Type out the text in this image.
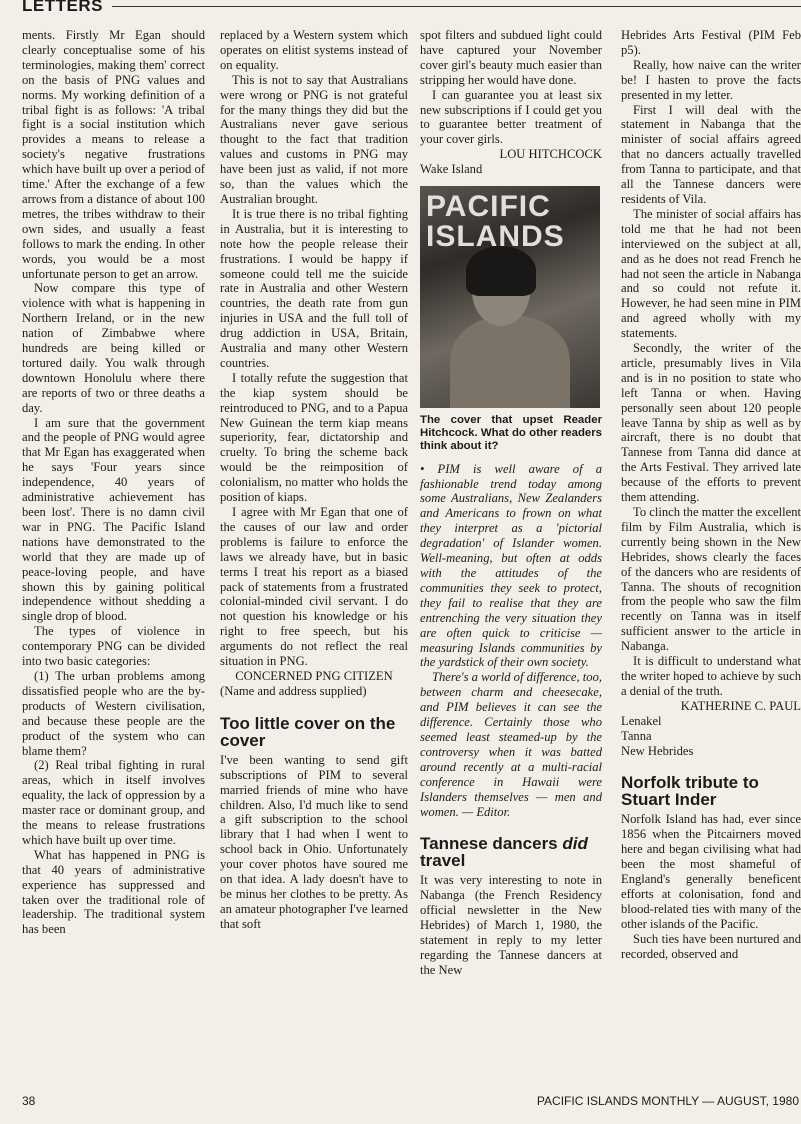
LETTERS

ments. Firstly Mr Egan should clearly conceptualise some of his terminologies, making them' correct on the basis of PNG values and norms. My working definition of a tribal fight is as follows: 'A tribal fight is a social institution which provides a means to release a society's negative frustrations which have built up over a period of time.' After the exchange of a few arrows from a distance of about 100 metres, the tribes withdraw to their own sides, and usually a feast follows to mark the ending. In other words, you would be a most unfortunate person to get an arrow.

Now compare this type of violence with what is happening in Northern Ireland, or in the new nation of Zimbabwe where hundreds are being killed or tortured daily. You walk through downtown Honolulu where there are reports of two or three deaths a day.

I am sure that the government and the people of PNG would agree that Mr Egan has exaggerated when he says 'Four years since independence, 40 years of administrative achievement has been lost'. There is no damn civil war in PNG. The Pacific Island nations have demonstrated to the world that they are made up of peace-loving people, and have shown this by gaining political independence without shedding a single drop of blood.

The types of violence in contemporary PNG can be divided into two basic categories:

(1) The urban problems among dissatisfied people who are the by-products of Western civilisation, and because these people are the product of the system who can blame them?

(2) Real tribal fighting in rural areas, which in itself involves equality, the lack of oppression by a master race or dominant group, and the means to release frustrations which have built up over time.

What has happened in PNG is that 40 years of administrative experience has suppressed and taken over the traditional role of leadership. The traditional system has been

replaced by a Western system which operates on elitist systems instead of on equality.

This is not to say that Australians were wrong or PNG is not grateful for the many things they did but the Australians never gave serious thought to the fact that tradition values and customs in PNG may have been just as valid, if not more so, than the values which the Australian brought.

It is true there is no tribal fighting in Australia, but it is interesting to note how the people release their frustrations. I would be happy if someone could tell me the suicide rate in Australia and other Western countries, the death rate from gun injuries in USA and the full toll of drug addiction in USA, Britain, Australia and many other Western countries.

I totally refute the suggestion that the kiap system should be reintroduced to PNG, and to a Papua New Guinean the term kiap means superiority, fear, dictatorship and cruelty. To bring the scheme back would be the reimposition of colonialism, no matter who holds the position of kiaps.

I agree with Mr Egan that one of the causes of our law and order problems is failure to enforce the laws we already have, but in basic terms I treat his report as a biased pack of statements from a frustrated colonial-minded civil servant. I do not question his knowledge or his right to free speech, but his arguments do not reflect the real situation in PNG.

CONCERNED PNG CITIZEN

(Name and address supplied)

Too little cover on the cover

I've been wanting to send gift subscriptions of PIM to several married friends of mine who have children. Also, I'd much like to send a gift subscription to the school library that I had when I went to school back in Ohio. Unfortunately your cover photos have soured me on that idea. A lady doesn't have to be minus her clothes to be pretty. As an amateur photographer I've learned that soft

spot filters and subdued light could have captured your November cover girl's beauty much easier than stripping her would have done.

I can guarantee you at least six new subscriptions if I could get you to guarantee better treatment of your cover girls.

LOU HITCHCOCK

Wake Island

PACIFIC ISLANDS
The cover that upset Reader Hitchcock. What do other readers think about it?

• PIM is well aware of a fashionable trend today among some Australians, New Zealanders and Americans to frown on what they interpret as a 'pictorial degradation' of Islander women. Well-meaning, but often at odds with the attitudes of the communities they seek to protect, they fail to realise that they are entrenching the very situation they are often quick to criticise — measuring Islands communities by the yardstick of their own society.

There's a world of difference, too, between charm and cheesecake, and PIM believes it can see the difference. Certainly those who seemed least steamed-up by the controversy when it was batted around recently at a multi-racial conference in Hawaii were Islanders themselves — men and women. — Editor.

Tannese dancers did travel

It was very interesting to note in Nabanga (the French Residency official newsletter in the New Hebrides) of March 1, 1980, the statement in reply to my letter regarding the Tannese dancers at the New

Hebrides Arts Festival (PIM Feb p5).

Really, how naive can the writer be! I hasten to prove the facts presented in my letter.

First I will deal with the statement in Nabanga that the minister of social affairs agreed that no dancers actually travelled from Tanna to participate, and that all the Tannese dancers were residents of Vila.

The minister of social affairs has told me that he had not been interviewed on the subject at all, and as he does not read French he had not seen the article in Nabanga and so could not refute it. However, he had seen mine in PIM and agreed wholly with my statements.

Secondly, the writer of the article, presumably lives in Vila and is in no position to state who left Tanna or when. Having personally seen about 120 people leave Tanna by ship as well as by aircraft, there is no doubt that Tannese from Tanna did dance at the Arts Festival. They arrived late because of the efforts to prevent them attending.

To clinch the matter the excellent film by Film Australia, which is currently being shown in the New Hebrides, shows clearly the faces of the dancers who are residents of Tanna. The shouts of recognition from the people who saw the film recently on Tanna was in itself sufficient answer to the article in Nabanga.

It is difficult to understand what the writer hoped to achieve by such a denial of the truth.

KATHERINE C. PAUL

Lenakel

Tanna

New Hebrides

Norfolk tribute to Stuart Inder

Norfolk Island has had, ever since 1856 when the Pitcairners moved here and began civilising what had been the most shameful of England's generally beneficent efforts at colonisation, fond and blood-related ties with many of the other islands of the Pacific.

Such ties have been nurtured and recorded, observed and

38	PACIFIC ISLANDS MONTHLY — AUGUST, 1980
